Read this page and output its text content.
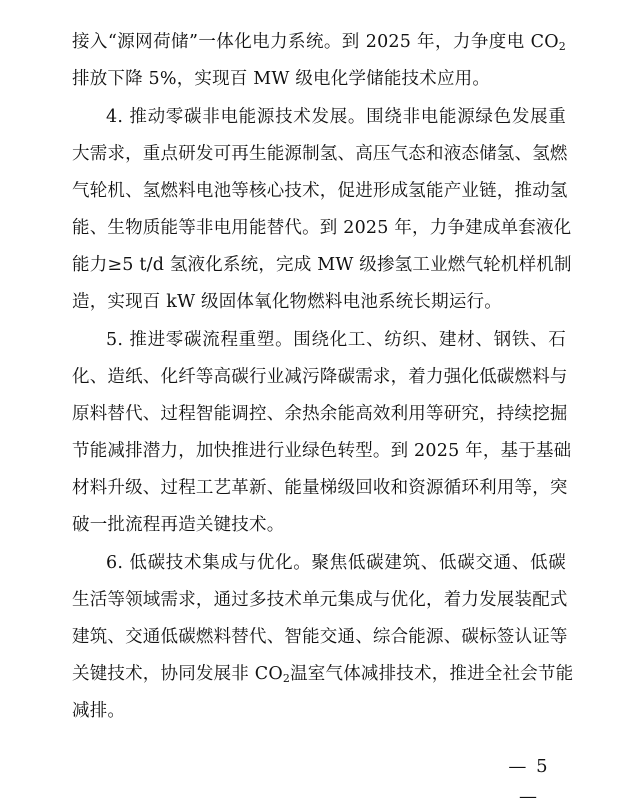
接入“源网荷储”一体化电力系统。到 2025 年，力争度电 $CO_2$
排放下降 5%，实现百 MW 级电化学储能技术应用。
4. 推动零碳非电能源技术发展。围绕非电能源绿色发展重
大需求，重点研发可再生能源制氢、高压气态和液态储氢、氢燃
气轮机、氢燃料电池等核心技术，促进形成氢能产业链，推动氢
能、生物质能等非电用能替代。到 2025 年，力争建成单套液化
能力≥5 t/d 氢液化系统，完成 MW 级掺氢工业燃气轮机样机制
造，实现百 kW 级固体氧化物燃料电池系统长期运行。
5. 推进零碳流程重塑。围绕化工、纺织、建材、钢铁、石
化、造纸、化纤等高碳行业减污降碳需求，着力强化低碳燃料与
原料替代、过程智能调控、余热余能高效利用等研究，持续挖掘
节能减排潜力，加快推进行业绿色转型。到 2025 年，基于基础
材料升级、过程工艺革新、能量梯级回收和资源循环利用等，突
破一批流程再造关键技术。
6. 低碳技术集成与优化。聚焦低碳建筑、低碳交通、低碳
生活等领域需求，通过多技术单元集成与优化，着力发展装配式
建筑、交通低碳燃料替代、智能交通、综合能源、碳标签认证等
关键技术，协同发展非 $CO_2$温室气体减排技术，推进全社会节能
减排。
— 5 —
